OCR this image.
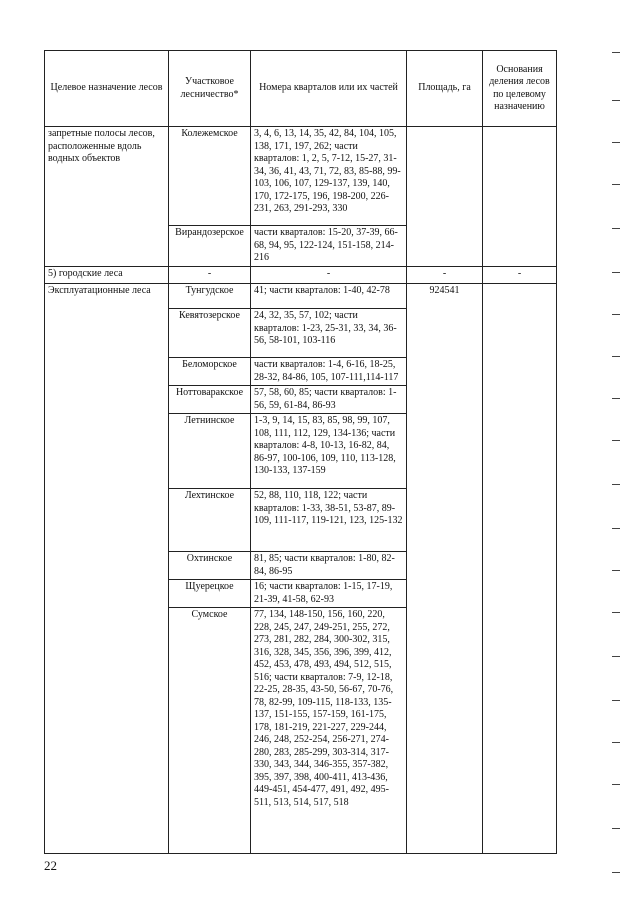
Целевое назначение лесов	Участковое лесничество*	Номера кварталов или их частей	Площадь, га	Основания деления лесов по целевому назначению
запретные полосы лесов, расположенные вдоль водных объектов	Колежемское	3, 4, 6, 13, 14, 35, 42, 84, 104, 105, 138, 171, 197, 262; части кварталов: 1, 2, 5, 7-12, 15-27, 31-34, 36, 41, 43, 71, 72, 83, 85-88, 99-103, 106, 107, 129-137, 139, 140, 170, 172-175, 196, 198-200, 226-231, 263, 291-293, 330		
	Вирандозерское	части кварталов: 15-20, 37-39, 66-68, 94, 95, 122-124, 151-158, 214-216		
5) городские леса	-	-	-	-
Эксплуатационные леса	Тунгудское	41; части кварталов: 1-40, 42-78	924541	
	Кевятозерское	24, 32, 35, 57, 102; части кварталов: 1-23, 25-31, 33, 34, 36-56, 58-101, 103-116		
	Беломорское	части кварталов: 1-4, 6-16, 18-25, 28-32, 84-86, 105, 107-111,114-117		
	Ноттоваракское	57, 58, 60, 85; части кварталов: 1-56, 59, 61-84, 86-93		
	Летнинское	1-3, 9, 14, 15, 83, 85, 98, 99, 107, 108, 111, 112, 129, 134-136; части кварталов: 4-8, 10-13, 16-82, 84, 86-97, 100-106, 109, 110, 113-128, 130-133, 137-159		
	Лехтинское	52, 88, 110, 118, 122; части кварталов: 1-33, 38-51, 53-87, 89-109, 111-117, 119-121, 123, 125-132		
	Охтинское	81, 85; части кварталов: 1-80, 82-84, 86-95		
	Щуерецкое	16; части кварталов: 1-15, 17-19, 21-39, 41-58, 62-93		
	Сумское	77, 134, 148-150, 156, 160, 220, 228, 245, 247, 249-251, 255, 272, 273, 281, 282, 284, 300-302, 315, 316, 328, 345, 356, 396, 399, 412, 452, 453, 478, 493, 494, 512, 515, 516; части кварталов: 7-9, 12-18, 22-25, 28-35, 43-50, 56-67, 70-76, 78, 82-99, 109-115, 118-133, 135-137, 151-155, 157-159, 161-175, 178, 181-219, 221-227, 229-244, 246, 248, 252-254, 256-271, 274-280, 283, 285-299, 303-314, 317-330, 343, 344, 346-355, 357-382, 395, 397, 398, 400-411, 413-436, 449-451, 454-477, 491, 492, 495-511, 513, 514, 517, 518		
22
